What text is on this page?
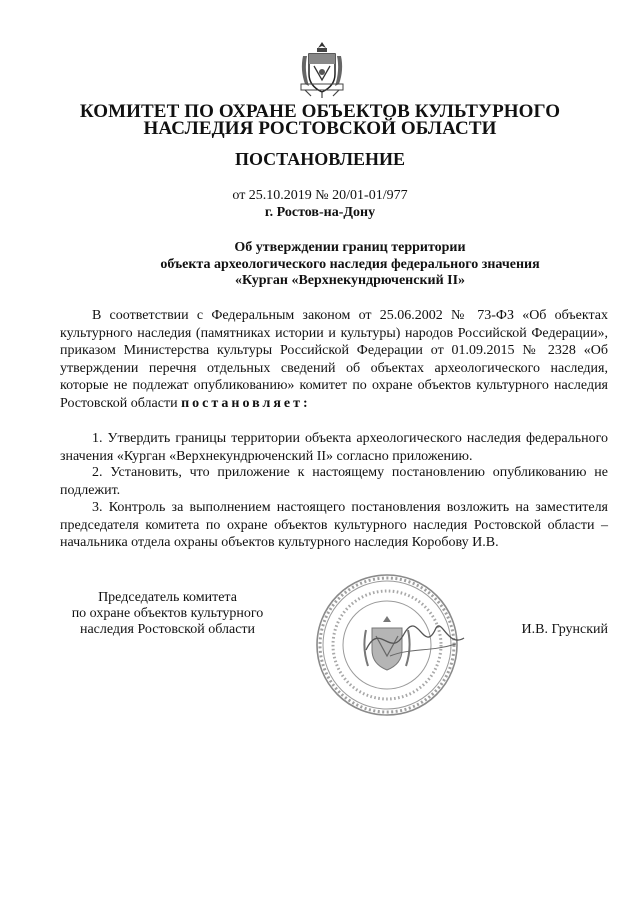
КОМИТЕТ ПО ОХРАНЕ ОБЪЕКТОВ КУЛЬТУРНОГО
НАСЛЕДИЯ РОСТОВСКОЙ ОБЛАСТИ
ПОСТАНОВЛЕНИЕ
от 25.10.2019 № 20/01-01/977
г. Ростов-на-Дону
Об утверждении границ территории
объекта археологического наследия федерального значения
«Курган «Верхнекундрюченский II»
В соответствии с Федеральным законом от 25.06.2002 № 73-ФЗ «Об объектах культурного наследия (памятниках истории и культуры) народов Российской Федерации», приказом Министерства культуры Российской Федерации от 01.09.2015 № 2328 «Об утверждении перечня отдельных сведений об объектах археологического наследия, которые не подлежат опубликованию» комитет по охране объектов культурного наследия Ростовской области постановляет:
1. Утвердить границы территории объекта археологического наследия федерального значения «Курган «Верхнекундрюченский II» согласно приложению.
2. Установить, что приложение к настоящему постановлению опубликованию не подлежит.
3. Контроль за выполнением настоящего постановления возложить на заместителя председателя комитета по охране объектов культурного наследия Ростовской области – начальника отдела охраны объектов культурного наследия Коробову И.В.
Председатель комитета
по охране объектов культурного
наследия Ростовской области	И.В. Грунский
